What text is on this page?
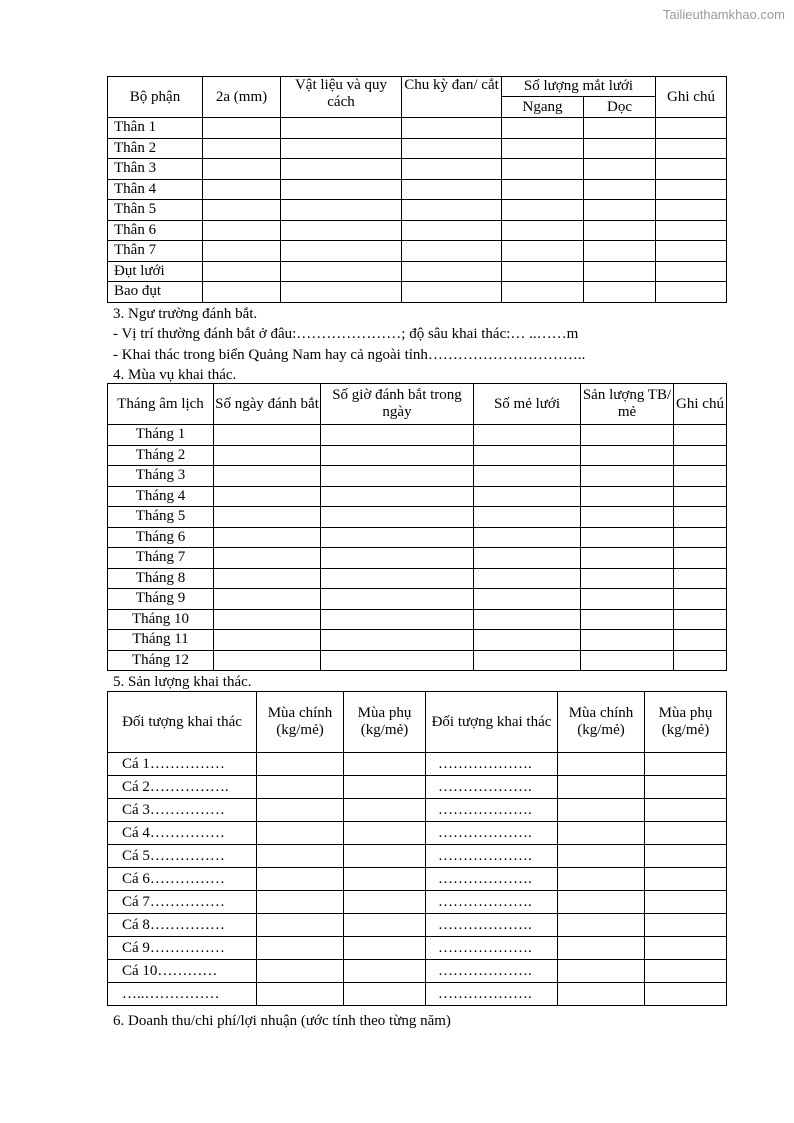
Tailieuthamkhao.com
Bộ phận	2a (mm)	Vật liệu và quy cách	Chu kỳ đan/ cắt	Số lượng mắt lưới		Ghi chú
				Ngang	Dọc	
Thân 1						
Thân 2						
Thân 3						
Thân 4						
Thân 5						
Thân 6						
Thân 7						
Đụt lưới						
Bao đụt						
3. Ngư trường đánh bắt.
- Vị trí thường đánh bắt ở đâu:…………………; độ sâu khai thác:… ..……m
- Khai thác trong biển Quảng Nam hay cả ngoài tỉnh…………………………..
4. Mùa vụ khai thác.
Tháng âm lịch	Số ngày đánh bắt	Số giờ đánh bắt trong ngày	Số mẻ lưới	Sản lượng TB/ mẻ	Ghi chú
Tháng 1					
Tháng 2					
Tháng 3					
Tháng 4					
Tháng 5					
Tháng 6					
Tháng 7					
Tháng 8					
Tháng 9					
Tháng 10					
Tháng 11					
Tháng 12					
5. Sản lượng khai thác.
Đối tượng khai thác	Mùa chính (kg/mẻ)	Mùa phụ (kg/mẻ)	Đối tượng khai thác	Mùa chính (kg/mẻ)	Mùa phụ (kg/mẻ)
Cá 1……………			……………….		
Cá 2…………….			……………….		
Cá 3……………			……………….		
Cá 4……………			……………….		
Cá 5……………			……………….		
Cá 6……………			……………….		
Cá 7……………			……………….		
Cá 8……………			……………….		
Cá 9……………			……………….		
Cá 10…………			……………….		
…..……………			……………….		
6. Doanh thu/chi phí/lợi nhuận (ước tính theo từng năm)
